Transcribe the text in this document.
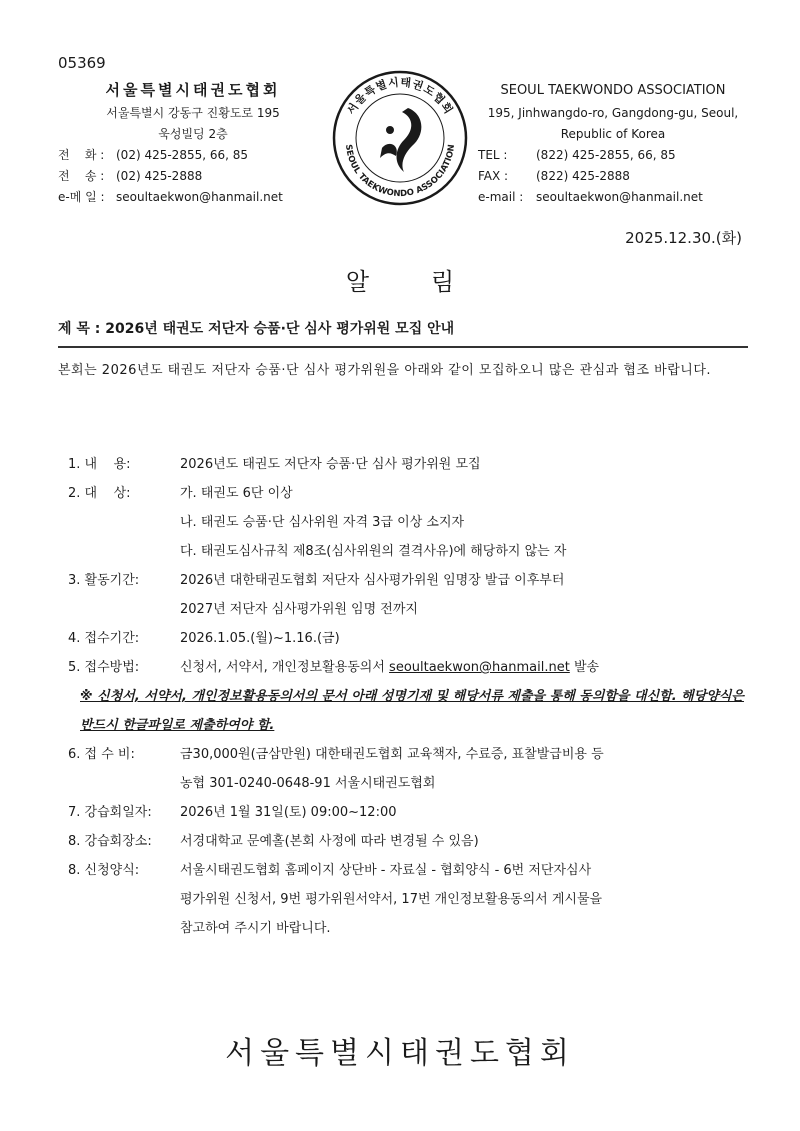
05369
서울특별시태권도협회
서울특별시 강동구 진황도로 195
욱성빌딩 2층
전    화 : (02) 425-2855, 66, 85
전    송 : (02) 425-2888
e-메 일 : seoultaekwon@hanmail.net
서울특별시태권도협회
SEOUL TAEKWONDO ASSOCIATION
SEOUL TAEKWONDO ASSOCIATION
195, Jinhwangdo-ro, Gangdong-gu, Seoul,
Republic of Korea
TEL :	(822) 425-2855, 66, 85
FAX :	(822) 425-2888
e-mail :	seoultaekwon@hanmail.net
2025.12.30.(화)
알림
제 목 : 2026년 태권도 저단자 승품·단 심사 평가위원 모집 안내
본회는 2026년도 태권도 저단자 승품·단 심사 평가위원을 아래와 같이 모집하오니 많은 관심과 협조 바랍니다.
1. 내    용:	2026년도 태권도 저단자 승품·단 심사 평가위원 모집
2. 대    상:	가. 태권도 6단 이상
나. 태권도 승품·단 심사위원 자격 3급 이상 소지자
다. 태권도심사규칙 제8조(심사위원의 결격사유)에 해당하지 않는 자
3. 활동기간:	2026년 대한태권도협회 저단자 심사평가위원 임명장 발급 이후부터
2027년 저단자 심사평가위원 임명 전까지
4. 접수기간:	2026.1.05.(월)~1.16.(금)
5. 접수방법:	신청서, 서약서, 개인정보활용동의서 seoultaekwon@hanmail.net 발송
※ 신청서, 서약서, 개인정보활용동의서의 문서 아래 성명기재 및 해당서류 제출을 통해 동의함을 대신함. 해당양식은 반드시 한글파일로 제출하여야 함.
6. 접 수 비:	금30,000원(금삼만원) 대한태권도협회 교육책자, 수료증, 표찰발급비용 등
농협 301-0240-0648-91 서울시태권도협회
7. 강습회일자:	2026년 1월 31일(토) 09:00~12:00
8. 강습회장소:	서경대학교 문예홀(본회 사정에 따라 변경될 수 있음)
8. 신청양식:	서울시태권도협회 홈페이지 상단바 - 자료실 - 협회양식 - 6번 저단자심사
평가위원 신청서, 9번 평가위원서약서, 17번 개인정보활용동의서 게시물을
참고하여 주시기 바랍니다.
서울특별시태권도협회
